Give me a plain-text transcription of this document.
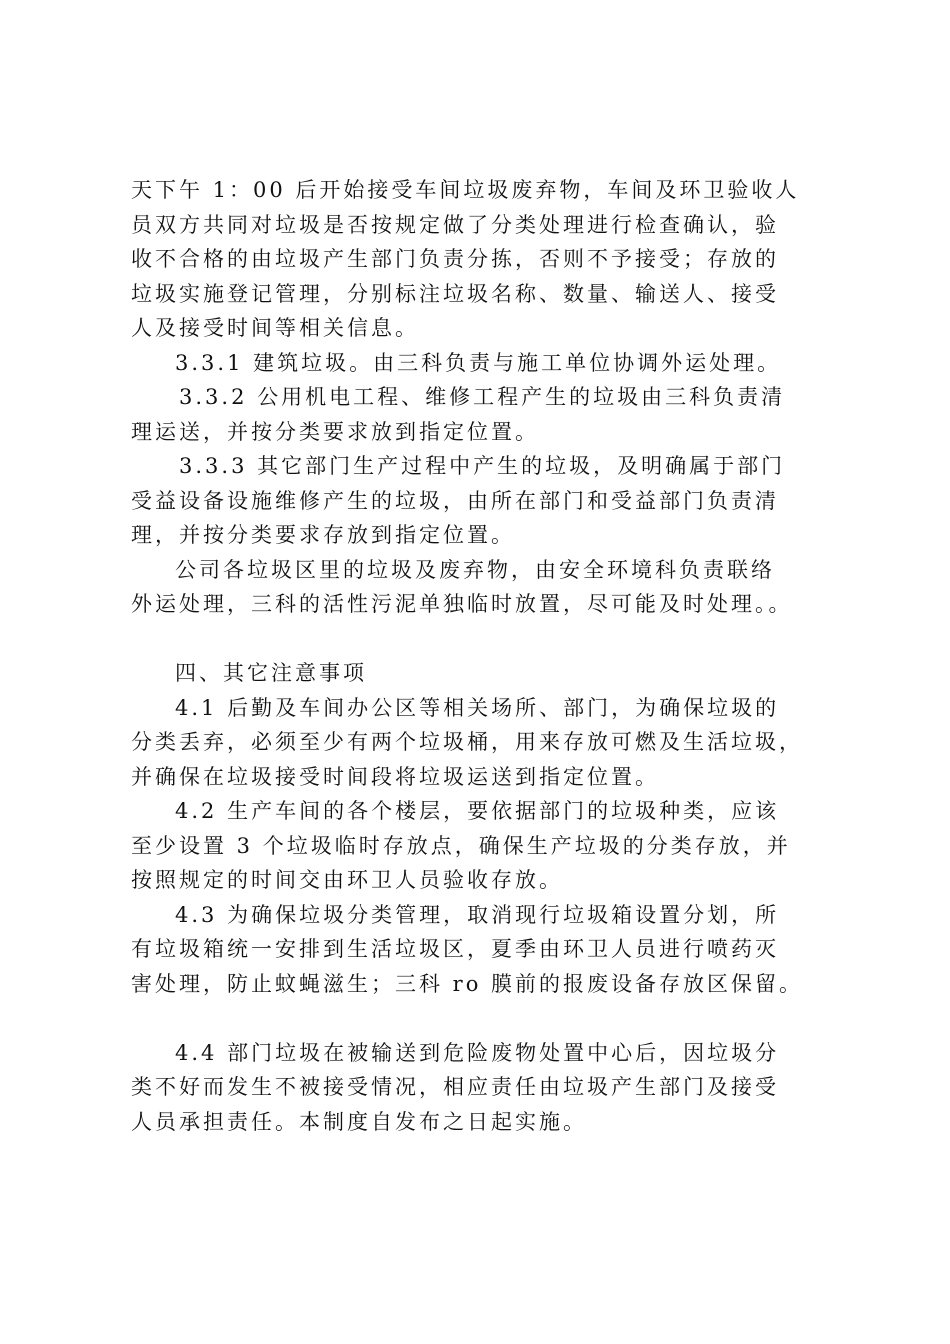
天下午 1：00 后开始接受车间垃圾废弃物，车间及环卫验收人
员双方共同对垃圾是否按规定做了分类处理进行检查确认，验
收不合格的由垃圾产生部门负责分拣，否则不予接受；存放的
垃圾实施登记管理，分别标注垃圾名称、数量、输送人、接受
人及接受时间等相关信息。
3.3.1 建筑垃圾。由三科负责与施工单位协调外运处理。
3.3.2 公用机电工程、维修工程产生的垃圾由三科负责清
理运送，并按分类要求放到指定位置。
3.3.3 其它部门生产过程中产生的垃圾，及明确属于部门
受益设备设施维修产生的垃圾，由所在部门和受益部门负责清
理，并按分类要求存放到指定位置。
公司各垃圾区里的垃圾及废弃物，由安全环境科负责联络
外运处理，三科的活性污泥单独临时放置，尽可能及时处理。。
四、其它注意事项
4.1 后勤及车间办公区等相关场所、部门，为确保垃圾的
分类丢弃，必须至少有两个垃圾桶，用来存放可燃及生活垃圾，
并确保在垃圾接受时间段将垃圾运送到指定位置。
4.2 生产车间的各个楼层，要依据部门的垃圾种类，应该
至少设置 3 个垃圾临时存放点，确保生产垃圾的分类存放，并
按照规定的时间交由环卫人员验收存放。
4.3 为确保垃圾分类管理，取消现行垃圾箱设置分划，所
有垃圾箱统一安排到生活垃圾区，夏季由环卫人员进行喷药灭
害处理，防止蚊蝇滋生；三科 ro 膜前的报废设备存放区保留。
4.4 部门垃圾在被输送到危险废物处置中心后，因垃圾分
类不好而发生不被接受情况，相应责任由垃圾产生部门及接受
人员承担责任。本制度自发布之日起实施。
